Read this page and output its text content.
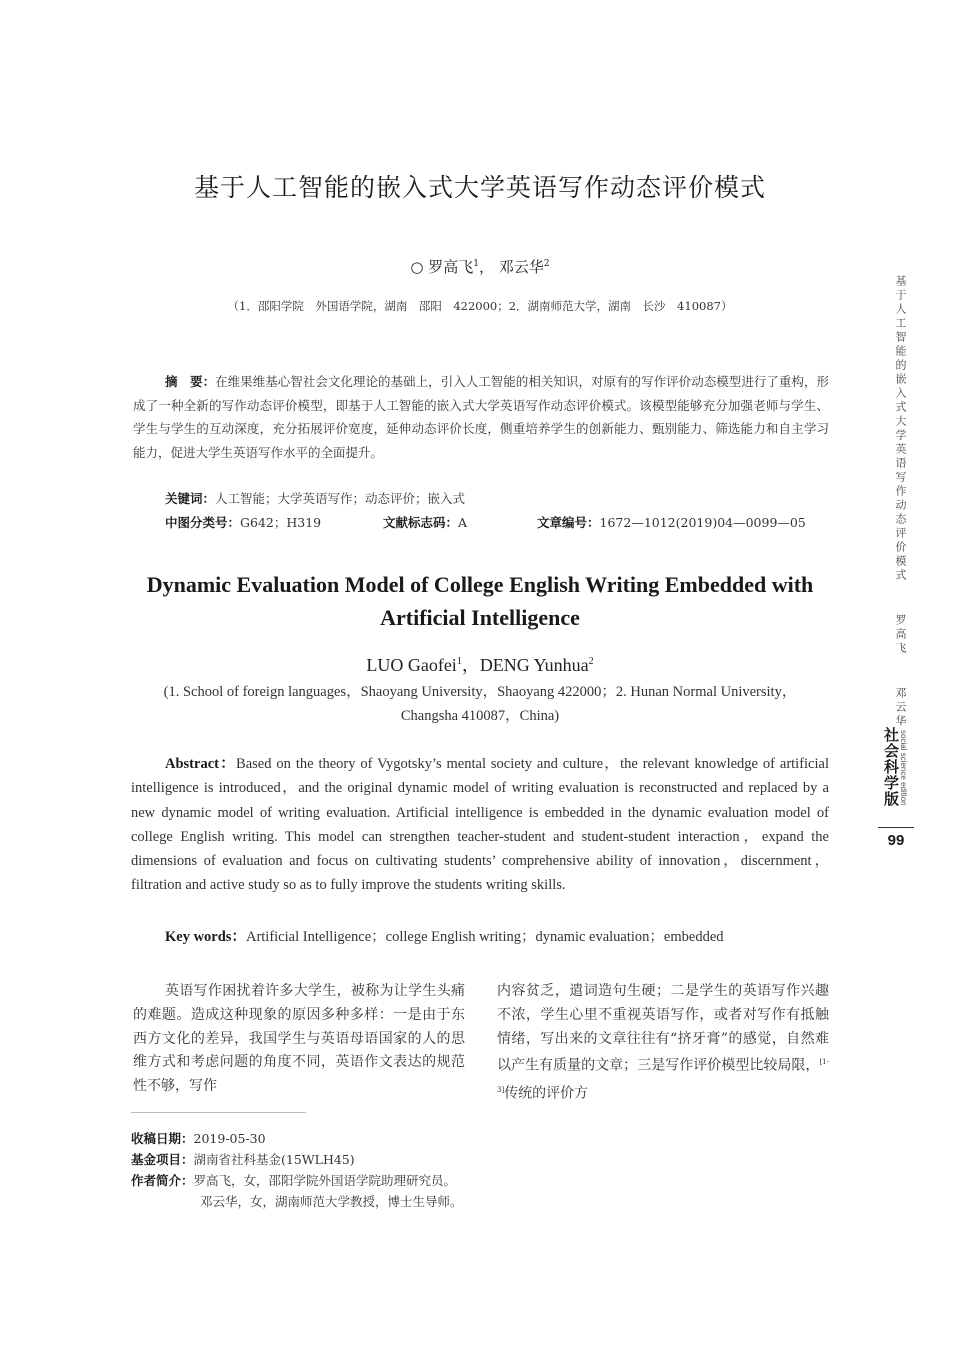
基于人工智能的嵌入式大学英语写作动态评价模式
○ 罗高飞$^1$， 邓云华$^2$
（1．邵阳学院　外国语学院，湖南　邵阳　422000；2．湖南师范大学，湖南　长沙　410087）
摘　要：在维果维基心智社会文化理论的基础上，引入人工智能的相关知识，对原有的写作评价动态模型进行了重构，形成了一种全新的写作动态评价模型，即基于人工智能的嵌入式大学英语写作动态评价模式。该模型能够充分加强老师与学生、学生与学生的互动深度，充分拓展评价宽度，延伸动态评价长度，侧重培养学生的创新能力、甄别能力、筛选能力和自主学习能力，促进大学生英语写作水平的全面提升。
关键词：人工智能；大学英语写作；动态评价；嵌入式
中图分类号：G642；H319	文献标志码：A	文章编号：1672—1012(2019)04—0099—05
Dynamic Evaluation Model of College English Writing Embedded with Artificial Intelligence
LUO Gaofei$^1$，DENG Yunhua$^2$
(1. School of foreign languages，Shaoyang University，Shaoyang 422000；2. Hunan Normal University，Changsha 410087，China)
Abstract：Based on the theory of Vygotsky’s mental society and culture，the relevant knowledge of artificial intelligence is introduced，and the original dynamic model of writing evaluation is reconstructed and replaced by a new dynamic model of writing evaluation. Artificial intelligence is embedded in the dynamic evaluation model of college English writing. This model can strengthen teacher-student and student-student interaction，expand the dimensions of evaluation and focus on cultivating students’ comprehensive ability of innovation，discernment，filtration and active study so as to fully improve the students writing skills.
Key words：Artificial Intelligence；college English writing；dynamic evaluation；embedded
英语写作困扰着许多大学生，被称为让学生头痛的难题。造成这种现象的原因多种多样：一是由于东西方文化的差异，我国学生与英语母语国家的人的思维方式和考虑问题的角度不同，英语作文表达的规范性不够，写作
内容贫乏，遣词造句生硬；二是学生的英语写作兴趣不浓，学生心里不重视英语写作，或者对写作有抵触情绪，写出来的文章往往有“挤牙膏”的感觉，自然难以产生有质量的文章；三是写作评价模型比较局限，[1-3]传统的评价方
收稿日期：2019-05-30
基金项目：湖南省社科基金(15WLH45)
作者简介：罗高飞，女，邵阳学院外国语学院助理研究员。
邓云华，女，湖南师范大学教授，博士生导师。
基于人工智能的嵌入式大学英语写作动态评价模式  罗高飞  邓云华
社会科学版 social science edition
99
